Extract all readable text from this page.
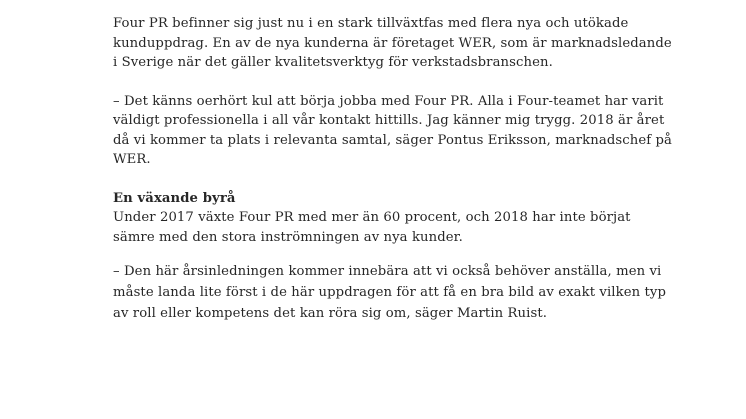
Four PR befinner sig just nu i en stark tillväxtfas med flera nya och utökade kunduppdrag. En av de nya kunderna är företaget WER, som är marknadsledande i Sverige när det gäller kvalitetsverktyg för verkstadsbranschen.

– Det känns oerhört kul att börja jobba med Four PR. Alla i Four-teamet har varit väldigt professionella i all vår kontakt hittills. Jag känner mig trygg. 2018 är året då vi kommer ta plats i relevanta samtal, säger Pontus Eriksson, marknadschef på WER.

En växande byrå

Under 2017 växte Four PR med mer än 60 procent, och 2018 har inte börjat sämre med den stora inströmningen av nya kunder.

– Den här årsinledningen kommer innebära att vi också behöver anställa, men vi måste landa lite först i de här uppdragen för att få en bra bild av exakt vilken typ av roll eller kompetens det kan röra sig om, säger Martin Ruist.
